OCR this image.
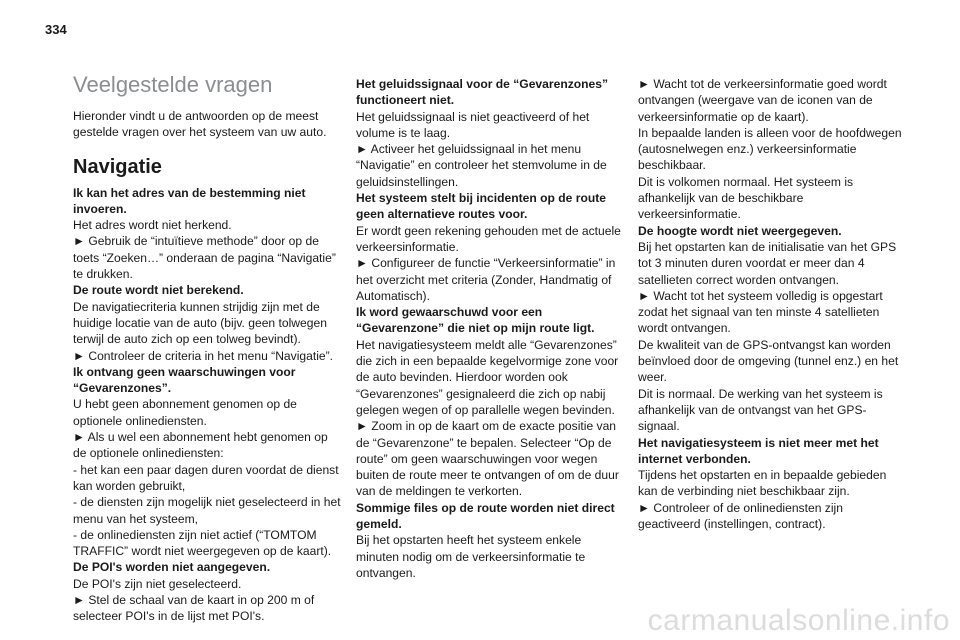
334
Veelgestelde vragen

Hieronder vindt u de antwoorden op de meest gestelde vragen over het systeem van uw auto.

Navigatie
Ik kan het adres van de bestemming niet invoeren.
Het adres wordt niet herkend.
► Gebruik de “intuïtieve methode” door op de toets “Zoeken…” onderaan de pagina “Navigatie” te drukken.
De route wordt niet berekend.
De navigatiecriteria kunnen strijdig zijn met de huidige locatie van de auto (bijv. geen tolwegen terwijl de auto zich op een tolweg bevindt).
► Controleer de criteria in het menu “Navigatie”.
Ik ontvang geen waarschuwingen voor “Gevarenzones”.
U hebt geen abonnement genomen op de optionele onlinediensten.
► Als u wel een abonnement hebt genomen op de optionele onlinediensten:
- het kan een paar dagen duren voordat de dienst kan worden gebruikt,
- de diensten zijn mogelijk niet geselecteerd in het menu van het systeem,
- de onlinediensten zijn niet actief (“TOMTOM TRAFFIC” wordt niet weergegeven op de kaart).
De POI's worden niet aangegeven.
De POI's zijn niet geselecteerd.
► Stel de schaal van de kaart in op 200 m of selecteer POI's in de lijst met POI's.
Het geluidssignaal voor de “Gevarenzones” functioneert niet.
Het geluidssignaal is niet geactiveerd of het volume is te laag.
► Activeer het geluidssignaal in het menu “Navigatie” en controleer het stemvolume in de geluidsinstellingen.
Het systeem stelt bij incidenten op de route geen alternatieve routes voor.
Er wordt geen rekening gehouden met de actuele verkeersinformatie.
► Configureer de functie “Verkeersinformatie” in het overzicht met criteria (Zonder, Handmatig of Automatisch).
Ik word gewaarschuwd voor een “Gevarenzone” die niet op mijn route ligt.
Het navigatiesysteem meldt alle “Gevarenzones” die zich in een bepaalde kegelvormige zone voor de auto bevinden. Hierdoor worden ook “Gevarenzones” gesignaleerd die zich op nabij gelegen wegen of op parallelle wegen bevinden.
► Zoom in op de kaart om de exacte positie van de “Gevarenzone” te bepalen. Selecteer “Op de route” om geen waarschuwingen voor wegen buiten de route meer te ontvangen of om de duur van de meldingen te verkorten.
Sommige files op de route worden niet direct gemeld.
Bij het opstarten heeft het systeem enkele minuten nodig om de verkeersinformatie te ontvangen.
► Wacht tot de verkeersinformatie goed wordt ontvangen (weergave van de iconen van de verkeersinformatie op de kaart).
In bepaalde landen is alleen voor de hoofdwegen (autosnelwegen enz.) verkeersinformatie beschikbaar.
Dit is volkomen normaal. Het systeem is afhankelijk van de beschikbare verkeersinformatie.
De hoogte wordt niet weergegeven.
Bij het opstarten kan de initialisatie van het GPS tot 3 minuten duren voordat er meer dan 4 satellieten correct worden ontvangen.
► Wacht tot het systeem volledig is opgestart zodat het signaal van ten minste 4 satellieten wordt ontvangen.
De kwaliteit van de GPS-ontvangst kan worden beïnvloed door de omgeving (tunnel enz.) en het weer.
Dit is normaal. De werking van het systeem is afhankelijk van de ontvangst van het GPS-signaal.
Het navigatiesysteem is niet meer met het internet verbonden.
Tijdens het opstarten en in bepaalde gebieden kan de verbinding niet beschikbaar zijn.
► Controleer of de onlinediensten zijn geactiveerd (instellingen, contract).
carmanualsonline.info
